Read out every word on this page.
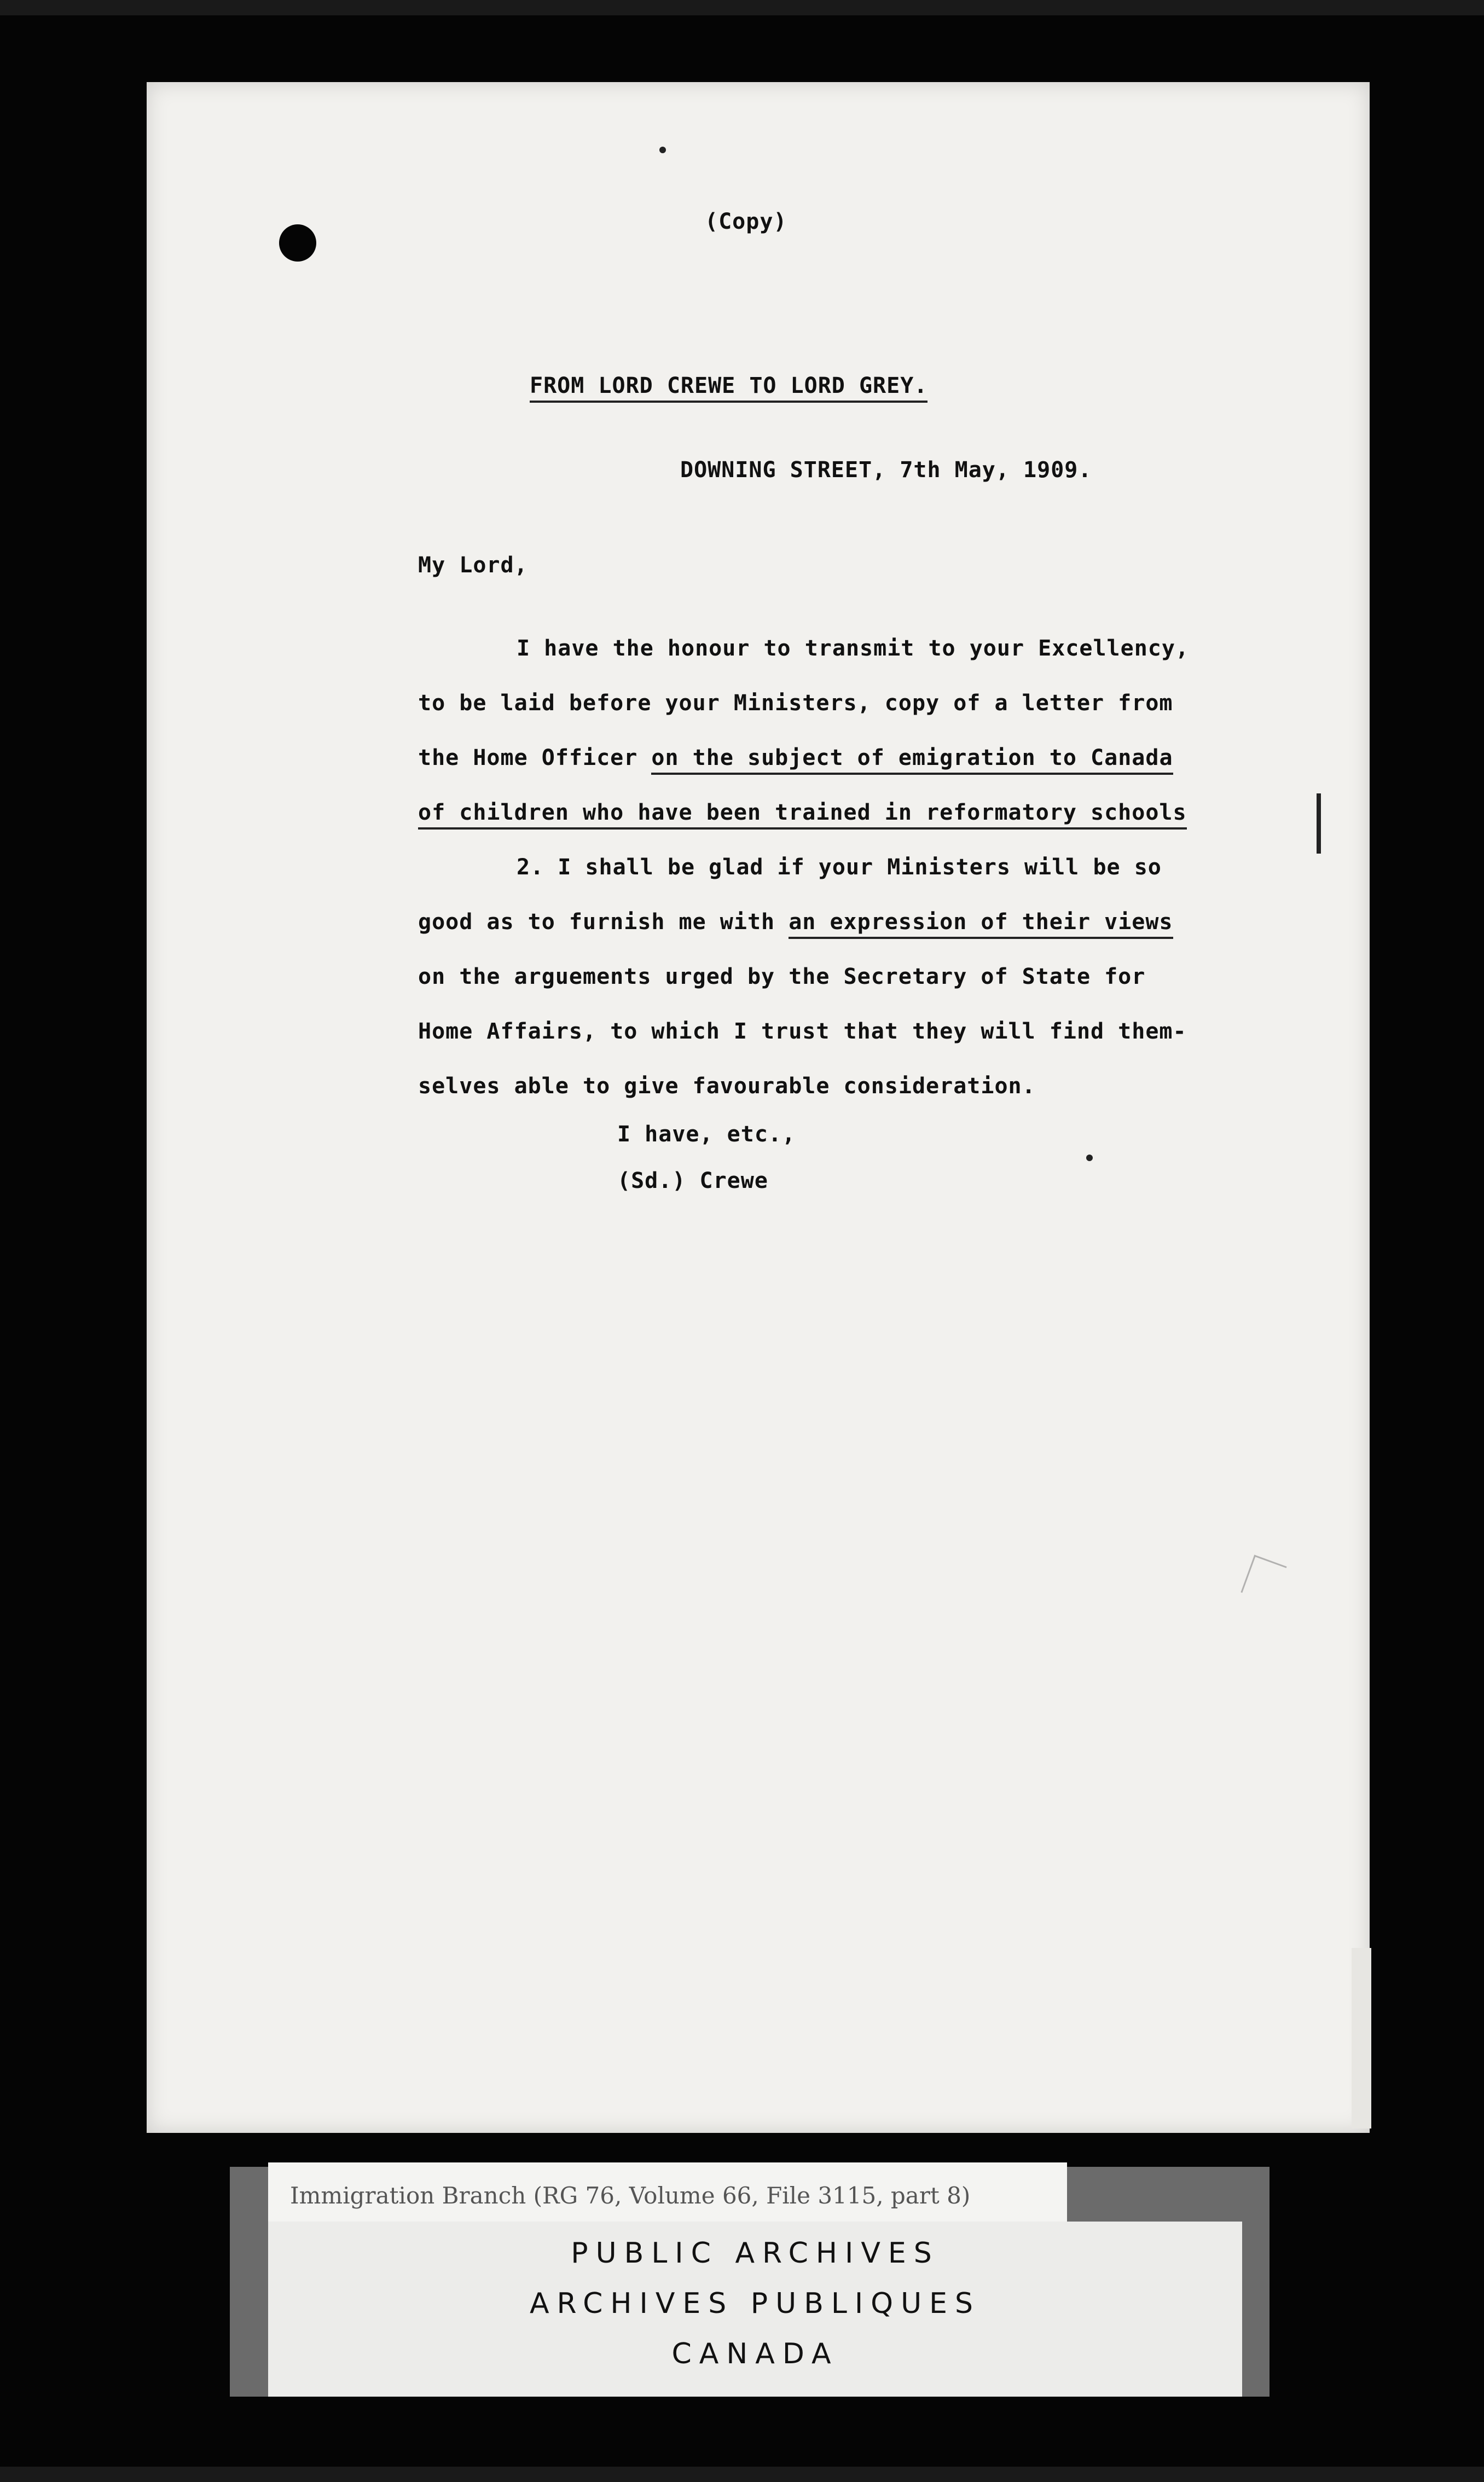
(Copy)
FROM LORD CREWE TO LORD GREY.
DOWNING STREET, 7th May, 1909.
My Lord,
I have the honour to transmit to your Excellency,
to be laid before your Ministers, copy of a letter from
the Home Officer on the subject of emigration to Canada
of children who have been trained in reformatory schools
2. I shall be glad if your Ministers will be so
good as to furnish me with an expression of their views
on the arguements urged by the Secretary of State for
Home Affairs, to which I trust that they will find them-
selves able to give favourable consideration.
I have, etc.,
(Sd.) Crewe
Immigration Branch (RG 76, Volume 66, File 3115, part 8)
PUBLIC ARCHIVES
ARCHIVES PUBLIQUES
CANADA
